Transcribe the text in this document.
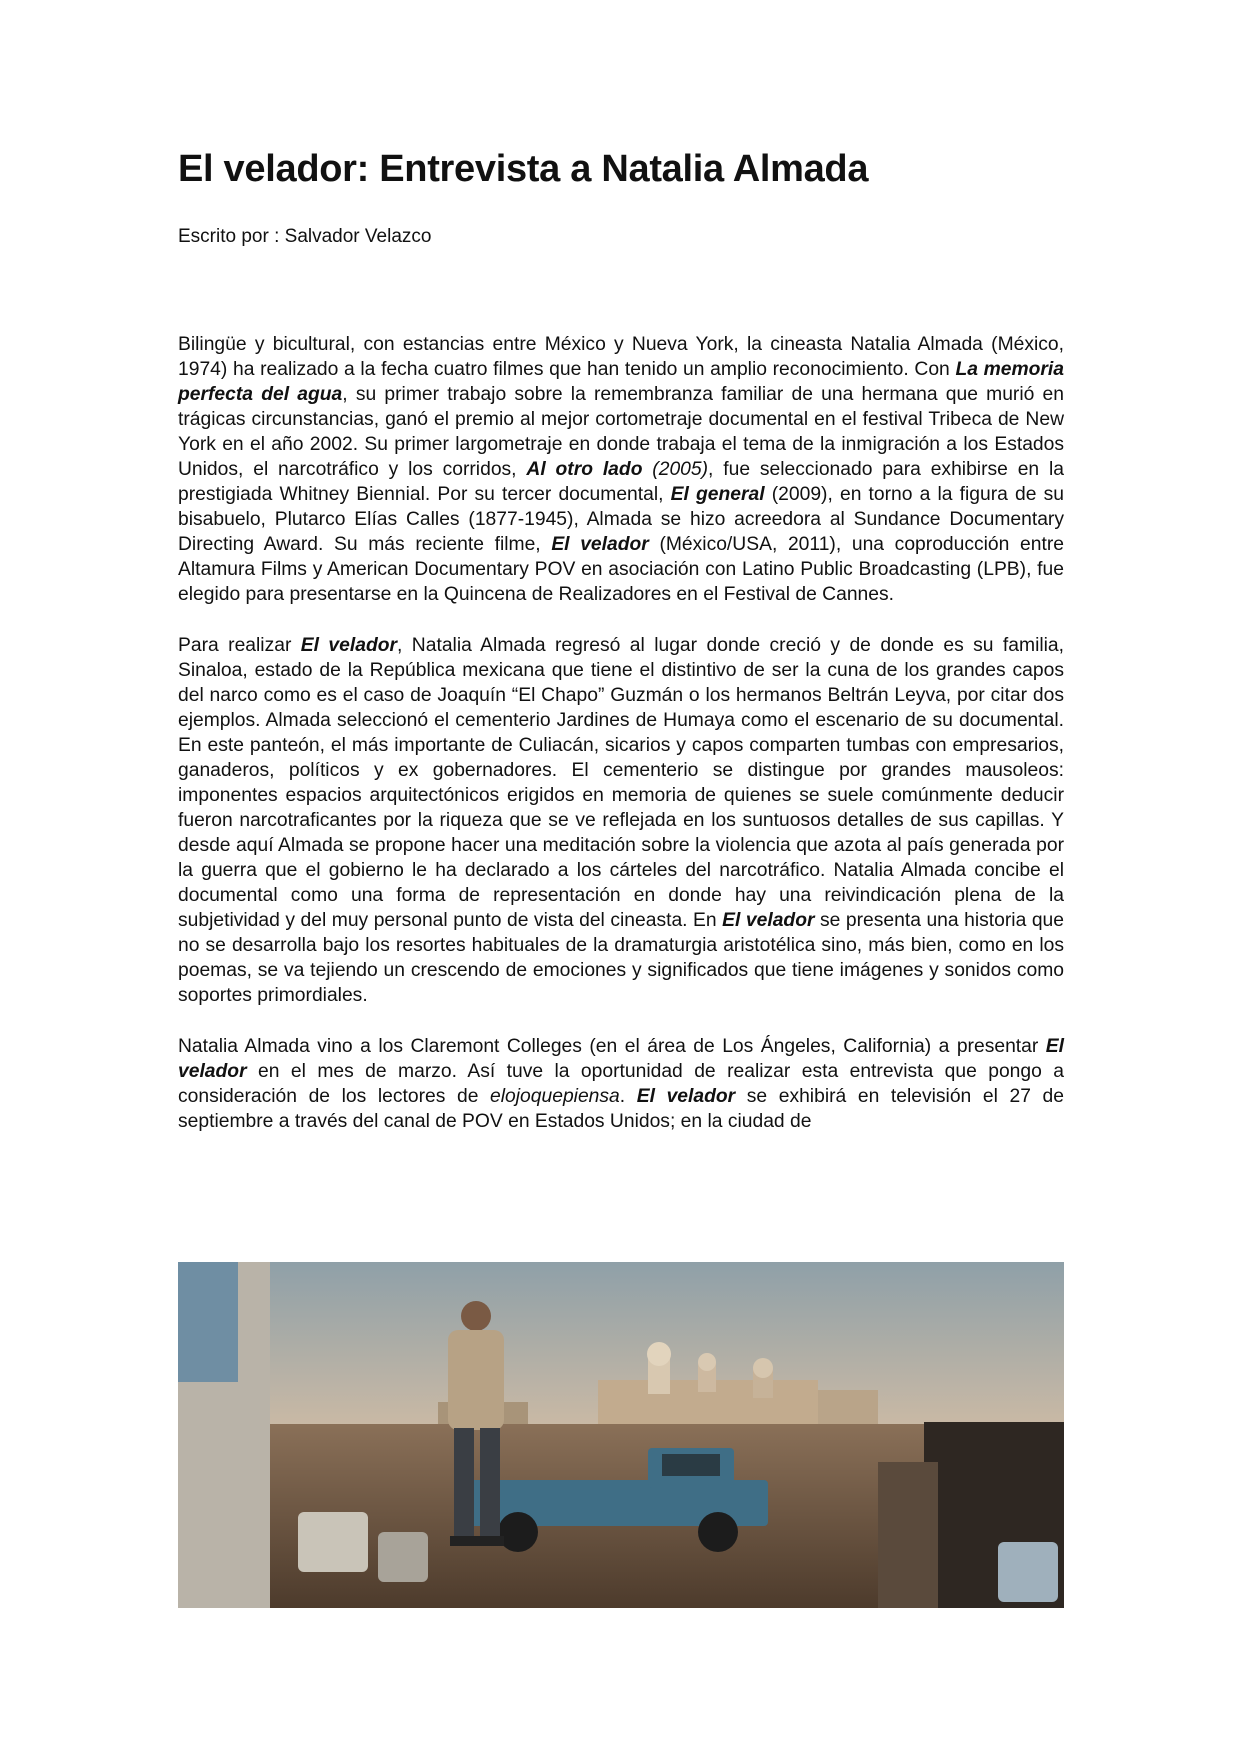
El velador: Entrevista a Natalia Almada
Escrito por : Salvador Velazco

Bilingüe y bicultural, con estancias entre México y Nueva York, la cineasta Natalia Almada (México, 1974) ha realizado a la fecha cuatro filmes que han tenido un amplio reconocimiento. Con La memoria perfecta del agua, su primer trabajo sobre la remembranza familiar de una hermana que murió en trágicas circunstancias, ganó el premio al mejor cortometraje documental en el festival Tribeca de New York en el año 2002. Su primer largometraje en donde trabaja el tema de la inmigración a los Estados Unidos, el narcotráfico y los corridos, Al otro lado (2005), fue seleccionado para exhibirse en la prestigiada Whitney Biennial. Por su tercer documental, El general (2009), en torno a la figura de su bisabuelo, Plutarco Elías Calles (1877-1945), Almada se hizo acreedora al Sundance Documentary Directing Award. Su más reciente filme, El velador (México/USA, 2011), una coproducción entre Altamura Films y American Documentary POV en asociación con Latino Public Broadcasting (LPB), fue elegido para presentarse en la Quincena de Realizadores en el Festival de Cannes.

Para realizar El velador, Natalia Almada regresó al lugar donde creció y de donde es su familia, Sinaloa, estado de la República mexicana que tiene el distintivo de ser la cuna de los grandes capos del narco como es el caso de Joaquín “El Chapo” Guzmán o los hermanos Beltrán Leyva, por citar dos ejemplos. Almada seleccionó el cementerio Jardines de Humaya como el escenario de su documental. En este panteón, el más importante de Culiacán, sicarios y capos comparten tumbas con empresarios, ganaderos, políticos y ex gobernadores. El cementerio se distingue por grandes mausoleos: imponentes espacios arquitectónicos erigidos en memoria de quienes se suele comúnmente deducir fueron narcotraficantes por la riqueza que se ve reflejada en los suntuosos detalles de sus capillas. Y desde aquí Almada se propone hacer una meditación sobre la violencia que azota al país generada por la guerra que el gobierno le ha declarado a los cárteles del narcotráfico. Natalia Almada concibe el documental como una forma de representación en donde hay una reivindicación plena de la subjetividad y del muy personal punto de vista del cineasta. En El velador se presenta una historia que no se desarrolla bajo los resortes habituales de la dramaturgia aristotélica sino, más bien, como en los poemas, se va tejiendo un crescendo de emociones y significados que tiene imágenes y sonidos como soportes primordiales.

Natalia Almada vino a los Claremont Colleges (en el área de Los Ángeles, California) a presentar El velador en el mes de marzo. Así tuve la oportunidad de realizar esta entrevista que pongo a consideración de los lectores de elojoquepiensa. El velador se exhibirá en televisión el 27 de septiembre a través del canal de POV en Estados Unidos; en la ciudad de
